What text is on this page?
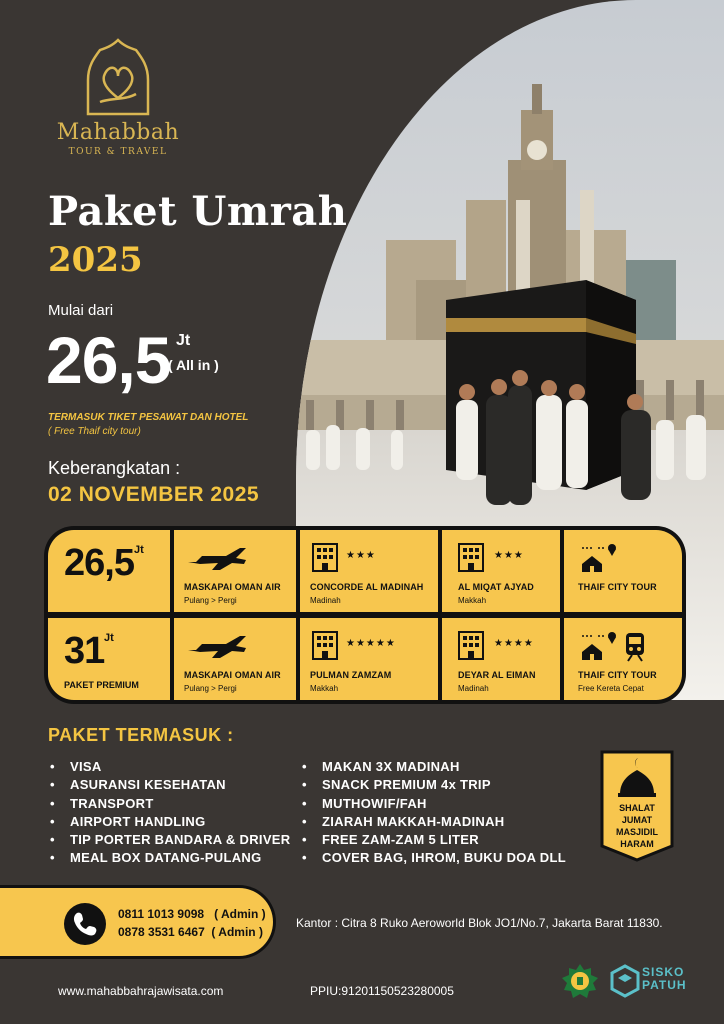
Mahabbah
TOUR & TRAVEL
Paket Umrah
2025
Mulai dari
26,5 Jt
( All in )
TERMASUK TIKET PESAWAT DAN HOTEL
( Free Thaif city tour)
Keberangkatan :
02 NOVEMBER 2025
26,5 Jt
MASKAPAI OMAN AIR
Pulang > Pergi
★★★
CONCORDE AL MADINAH
Madinah
★★★
AL MIQAT AJYAD
Makkah
THAIF CITY TOUR
31 Jt
PAKET PREMIUM
MASKAPAI OMAN AIR
Pulang > Pergi
★★★★★
PULMAN ZAMZAM
Makkah
★★★★
DEYAR AL EIMAN
Madinah
THAIF CITY TOUR
Free Kereta Cepat
PAKET TERMASUK :
• VISA
• ASURANSI KESEHATAN
• TRANSPORT
• AIRPORT HANDLING
• TIP PORTER BANDARA & DRIVER
• MEAL BOX DATANG-PULANG
• MAKAN 3X MADINAH
• SNACK PREMIUM 4x TRIP
• MUTHOWIF/FAH
• ZIARAH MAKKAH-MADINAH
• FREE ZAM-ZAM 5 LITER
• COVER BAG, IHROM, BUKU DOA DLL
SHALAT
JUMAT
MASJIDIL
HARAM
0811 1013 9098   ( Admin )
0878 3531 6467  ( Admin )
Kantor : Citra 8 Ruko Aeroworld Blok JO1/No.7, Jakarta Barat 11830.
www.mahabbahrajawisata.com	PPIU:91201150523280005
SISKO
PATUH
